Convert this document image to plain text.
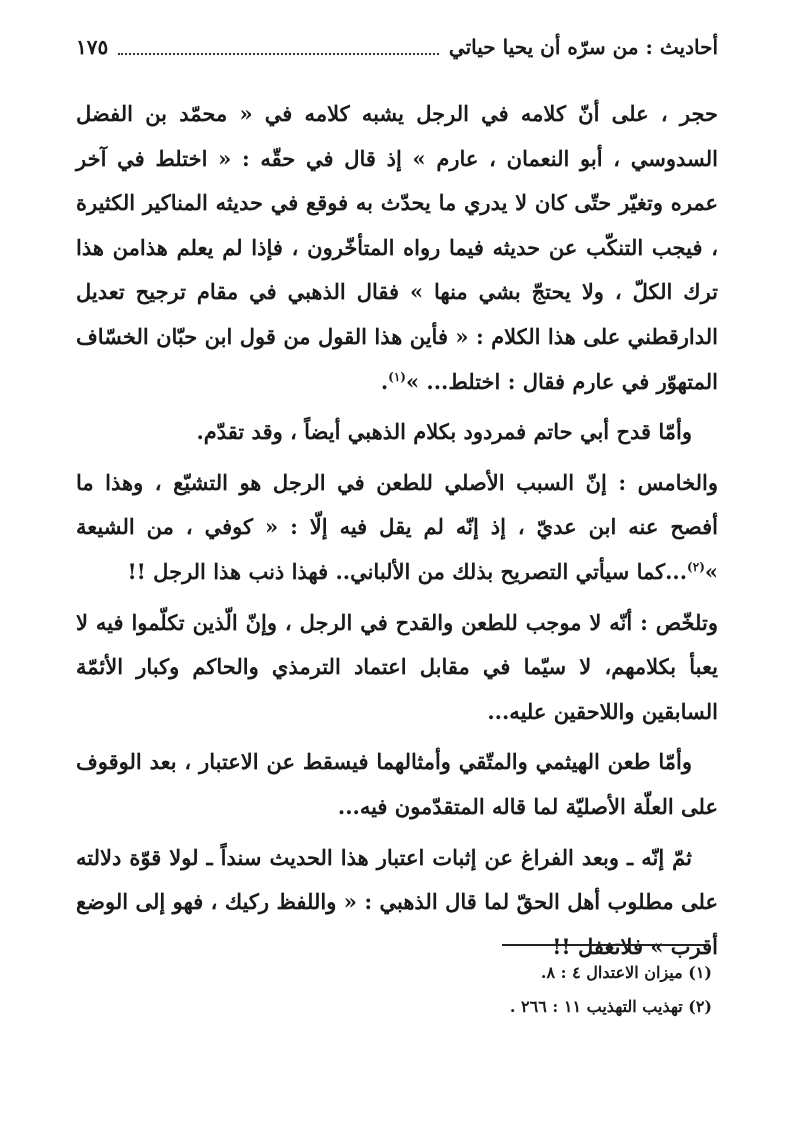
أحاديث : من سرّه أن يحيا حياتي
١٧٥

حجر ، على أنّ كلامه في الرجل يشبه كلامه في « محمّد بن الفضل السدوسي ، أبو النعمان ، عارم » إذ قال في حقّه : « اختلط في آخر عمره وتغيّر حتّى كان لا يدري ما يحدّث به فوقع في حديثه المناكير الكثيرة ، فيجب التنكّب عن حديثه فيما رواه المتأخّرون ، فإذا لم يعلم هذامن هذا ترك الكلّ ، ولا يحتجّ بشي منها » فقال الذهبي في مقام ترجيح تعديل الدارقطني على هذا الكلام : « فأين هذا القول من قول ابن حبّان الخسّاف المتهوّر في عارم فقال : اختلط... »$^{(١)}$.

وأمّا قدح أبي حاتم فمردود بكلام الذهبي أيضاً ، وقد تقدّم.

والخامس : إنّ السبب الأصلي للطعن في الرجل هو التشيّع ، وهذا ما أفصح عنه ابن عديّ ، إذ إنّه لم يقل فيه إلّا : « كوفي ، من الشيعة »$^{(٢)}$...كما سيأتي التصريح بذلك من الألباني.. فهذا ذنب هذا الرجل !!

وتلخّص : أنّه لا موجب للطعن والقدح في الرجل ، وإنّ الّذين تكلّموا فيه لا يعبأ بكلامهم، لا سيّما في مقابل اعتماد الترمذي والحاكم وكبار الأئمّة السابقين واللاحقين عليه...

وأمّا طعن الهيثمي والمتّقي وأمثالهما فيسقط عن الاعتبار ، بعد الوقوف على العلّة الأصليّة لما قاله المتقدّمون فيه...

ثمّ إنّه ـ وبعد الفراغ عن إثبات اعتبار هذا الحديث سنداً ـ لولا قوّة دلالته على مطلوب أهل الحقّ لما قال الذهبي : « واللفظ ركيك ، فهو إلى الوضع أقرب » فلاتغفل !!

(١) ميزان الاعتدال ٤ : ٨.
(٢) تهذيب التهذيب ١١ : ٢٦٦ .
